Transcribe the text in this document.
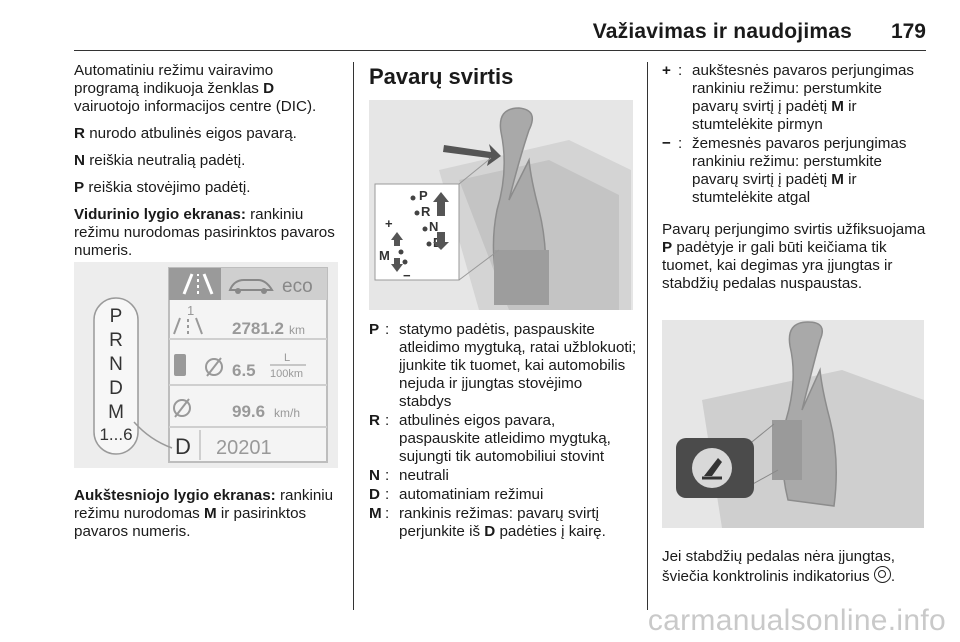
Važiavimas ir naudojimas 179

Automatiniu režimu vairavimo programą indikuoja ženklas D vairuotojo informacijos centre (DIC).

R nurodo atbulinės eigos pavarą.

N reiškia neutralią padėtį.

P reiškia stovėjimo padėtį.

Vidurinio lygio ekranas: rankiniu režimu nurodomas pasirinktos pavaros numeris.

eco
1
2781.2 km
6.5
L
100km
99.6 km/h
D 20201
P
R
N
D
M
1...6

Aukštesniojo lygio ekranas: rankiniu režimu nurodomas M ir pasirinktos pavaros numeris.

Pavarų svirtis
P
R
N
M
+
−
P : statymo padėtis, paspauskite atleidimo mygtuką, ratai užblokuoti; įjunkite tik tuomet, kai automobilis nejuda ir įjungtas stovėjimo stabdys
R : atbulinės eigos pavara, paspauskite atleidimo mygtuką, sujungti tik automobiliui stovint
N : neutrali
D : automatiniam režimui
M : rankinis režimas: pavarų svirtį perjunkite iš D padėties į kairę.
+ : aukštesnės pavaros perjungimas rankiniu režimu: perstumkite pavarų svirtį į padėtį M ir stumtelėkite pirmyn
− : žemesnės pavaros perjungimas rankiniu režimu: perstumkite pavarų svirtį į padėtį M ir stumtelėkite atgal

Pavarų perjungimo svirtis užfiksuojama P padėtyje ir gali būti keičiama tik tuomet, kai degimas yra įjungtas ir stabdžių pedalas nuspaustas.

Jei stabdžių pedalas nėra įjungtas, šviečia konktrolinis indikatorius .

carmanualsonline.info
